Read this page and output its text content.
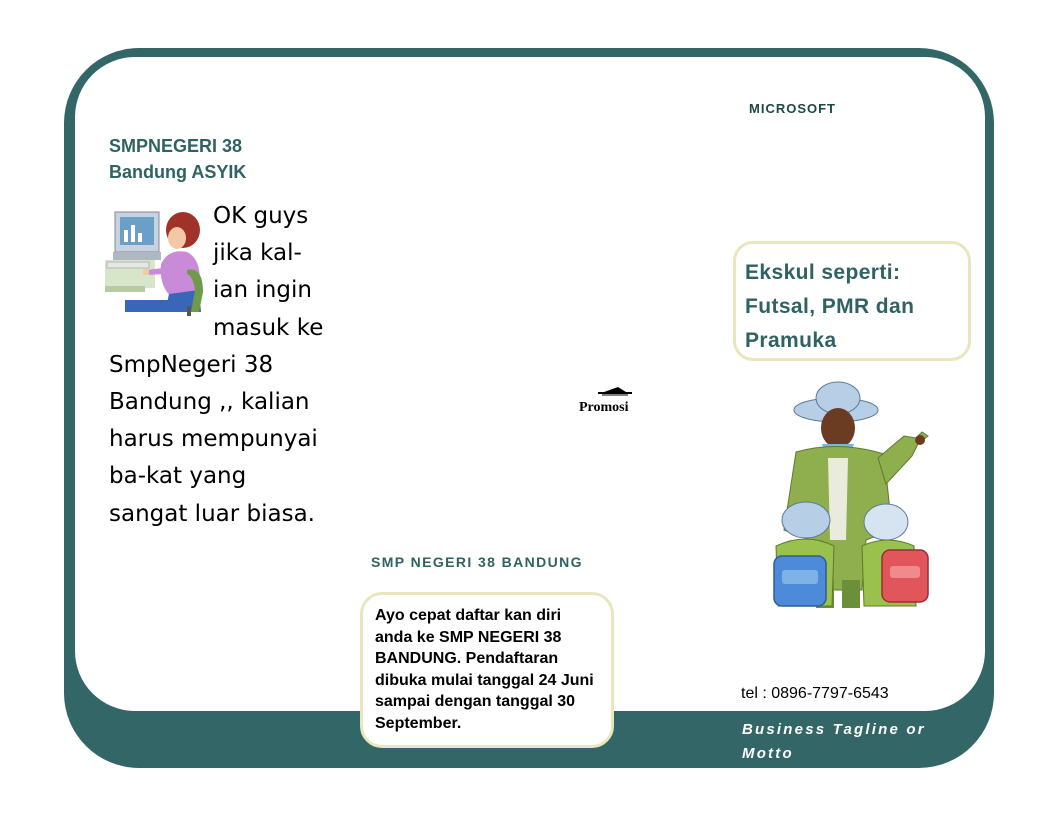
MICROSOFT
SMPNEGERI 38
Bandung ASYIK
OK guys jika kal-ian ingin masuk ke SmpNegeri 38 Bandung ,, kalian harus mempunyai ba-kat yang sangat luar biasa.
Promosi
SMP NEGERI 38 BANDUNG
Ayo cepat daftar kan diri anda ke SMP NEGERI 38 BANDUNG. Pendaftaran dibuka mulai tanggal 24 Juni sampai dengan tanggal 30 September.
Ekskul seperti: Futsal, PMR dan Pramuka
tel : 0896-7797-6543
Business Tagline or Motto
